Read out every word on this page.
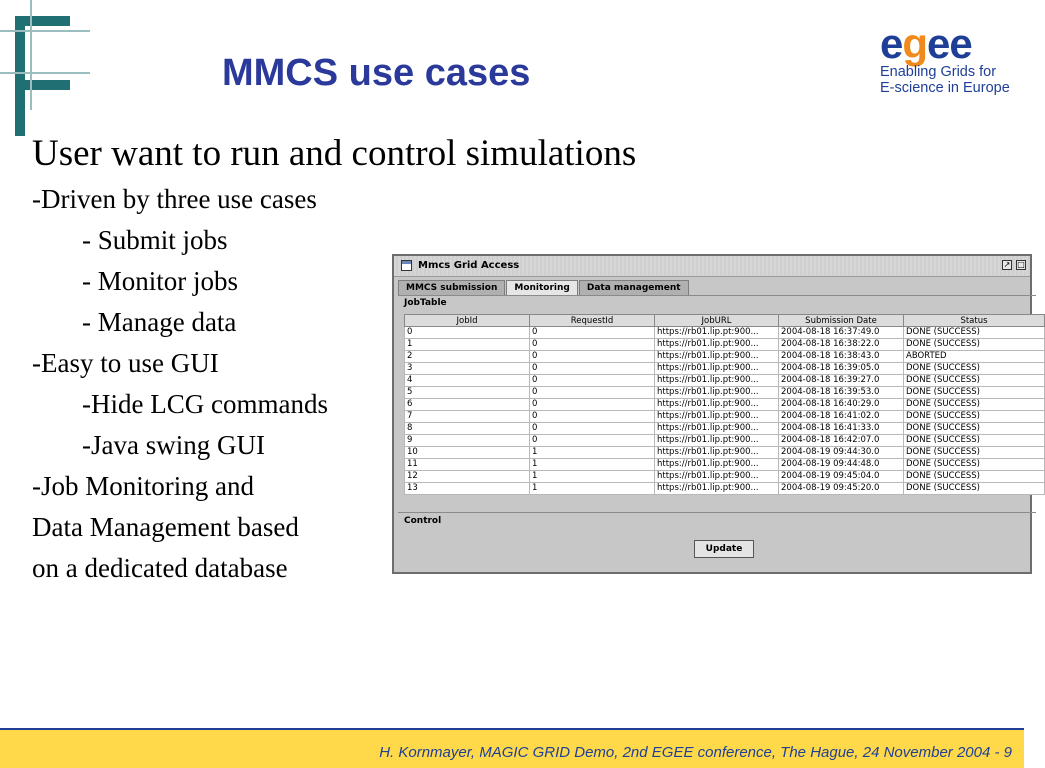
MMCS use cases
egee
Enabling Grids for
E-science in Europe
User want to run and control simulations
-Driven by three use cases
- Submit jobs
- Monitor jobs
- Manage data
-Easy to use GUI
-Hide LCG commands
-Java swing GUI
-Job Monitoring and
Data Management based
on a dedicated database
Mmcs Grid Access	↗ □
MMCS submission	Monitoring	Data management
JobTable
JobId	RequestId	JobURL	Submission Date	Status
0	0	https://rb01.lip.pt:900...	2004-08-18 16:37:49.0	DONE (SUCCESS)
1	0	https://rb01.lip.pt:900...	2004-08-18 16:38:22.0	DONE (SUCCESS)
2	0	https://rb01.lip.pt:900...	2004-08-18 16:38:43.0	ABORTED
3	0	https://rb01.lip.pt:900...	2004-08-18 16:39:05.0	DONE (SUCCESS)
4	0	https://rb01.lip.pt:900...	2004-08-18 16:39:27.0	DONE (SUCCESS)
5	0	https://rb01.lip.pt:900...	2004-08-18 16:39:53.0	DONE (SUCCESS)
6	0	https://rb01.lip.pt:900...	2004-08-18 16:40:29.0	DONE (SUCCESS)
7	0	https://rb01.lip.pt:900...	2004-08-18 16:41:02.0	DONE (SUCCESS)
8	0	https://rb01.lip.pt:900...	2004-08-18 16:41:33.0	DONE (SUCCESS)
9	0	https://rb01.lip.pt:900...	2004-08-18 16:42:07.0	DONE (SUCCESS)
10	1	https://rb01.lip.pt:900...	2004-08-19 09:44:30.0	DONE (SUCCESS)
11	1	https://rb01.lip.pt:900...	2004-08-19 09:44:48.0	DONE (SUCCESS)
12	1	https://rb01.lip.pt:900...	2004-08-19 09:45:04.0	DONE (SUCCESS)
13	1	https://rb01.lip.pt:900...	2004-08-19 09:45:20.0	DONE (SUCCESS)
Control
Update
H. Kornmayer, MAGIC GRID Demo, 2nd EGEE conference, The Hague, 24 November 2004 - 9
